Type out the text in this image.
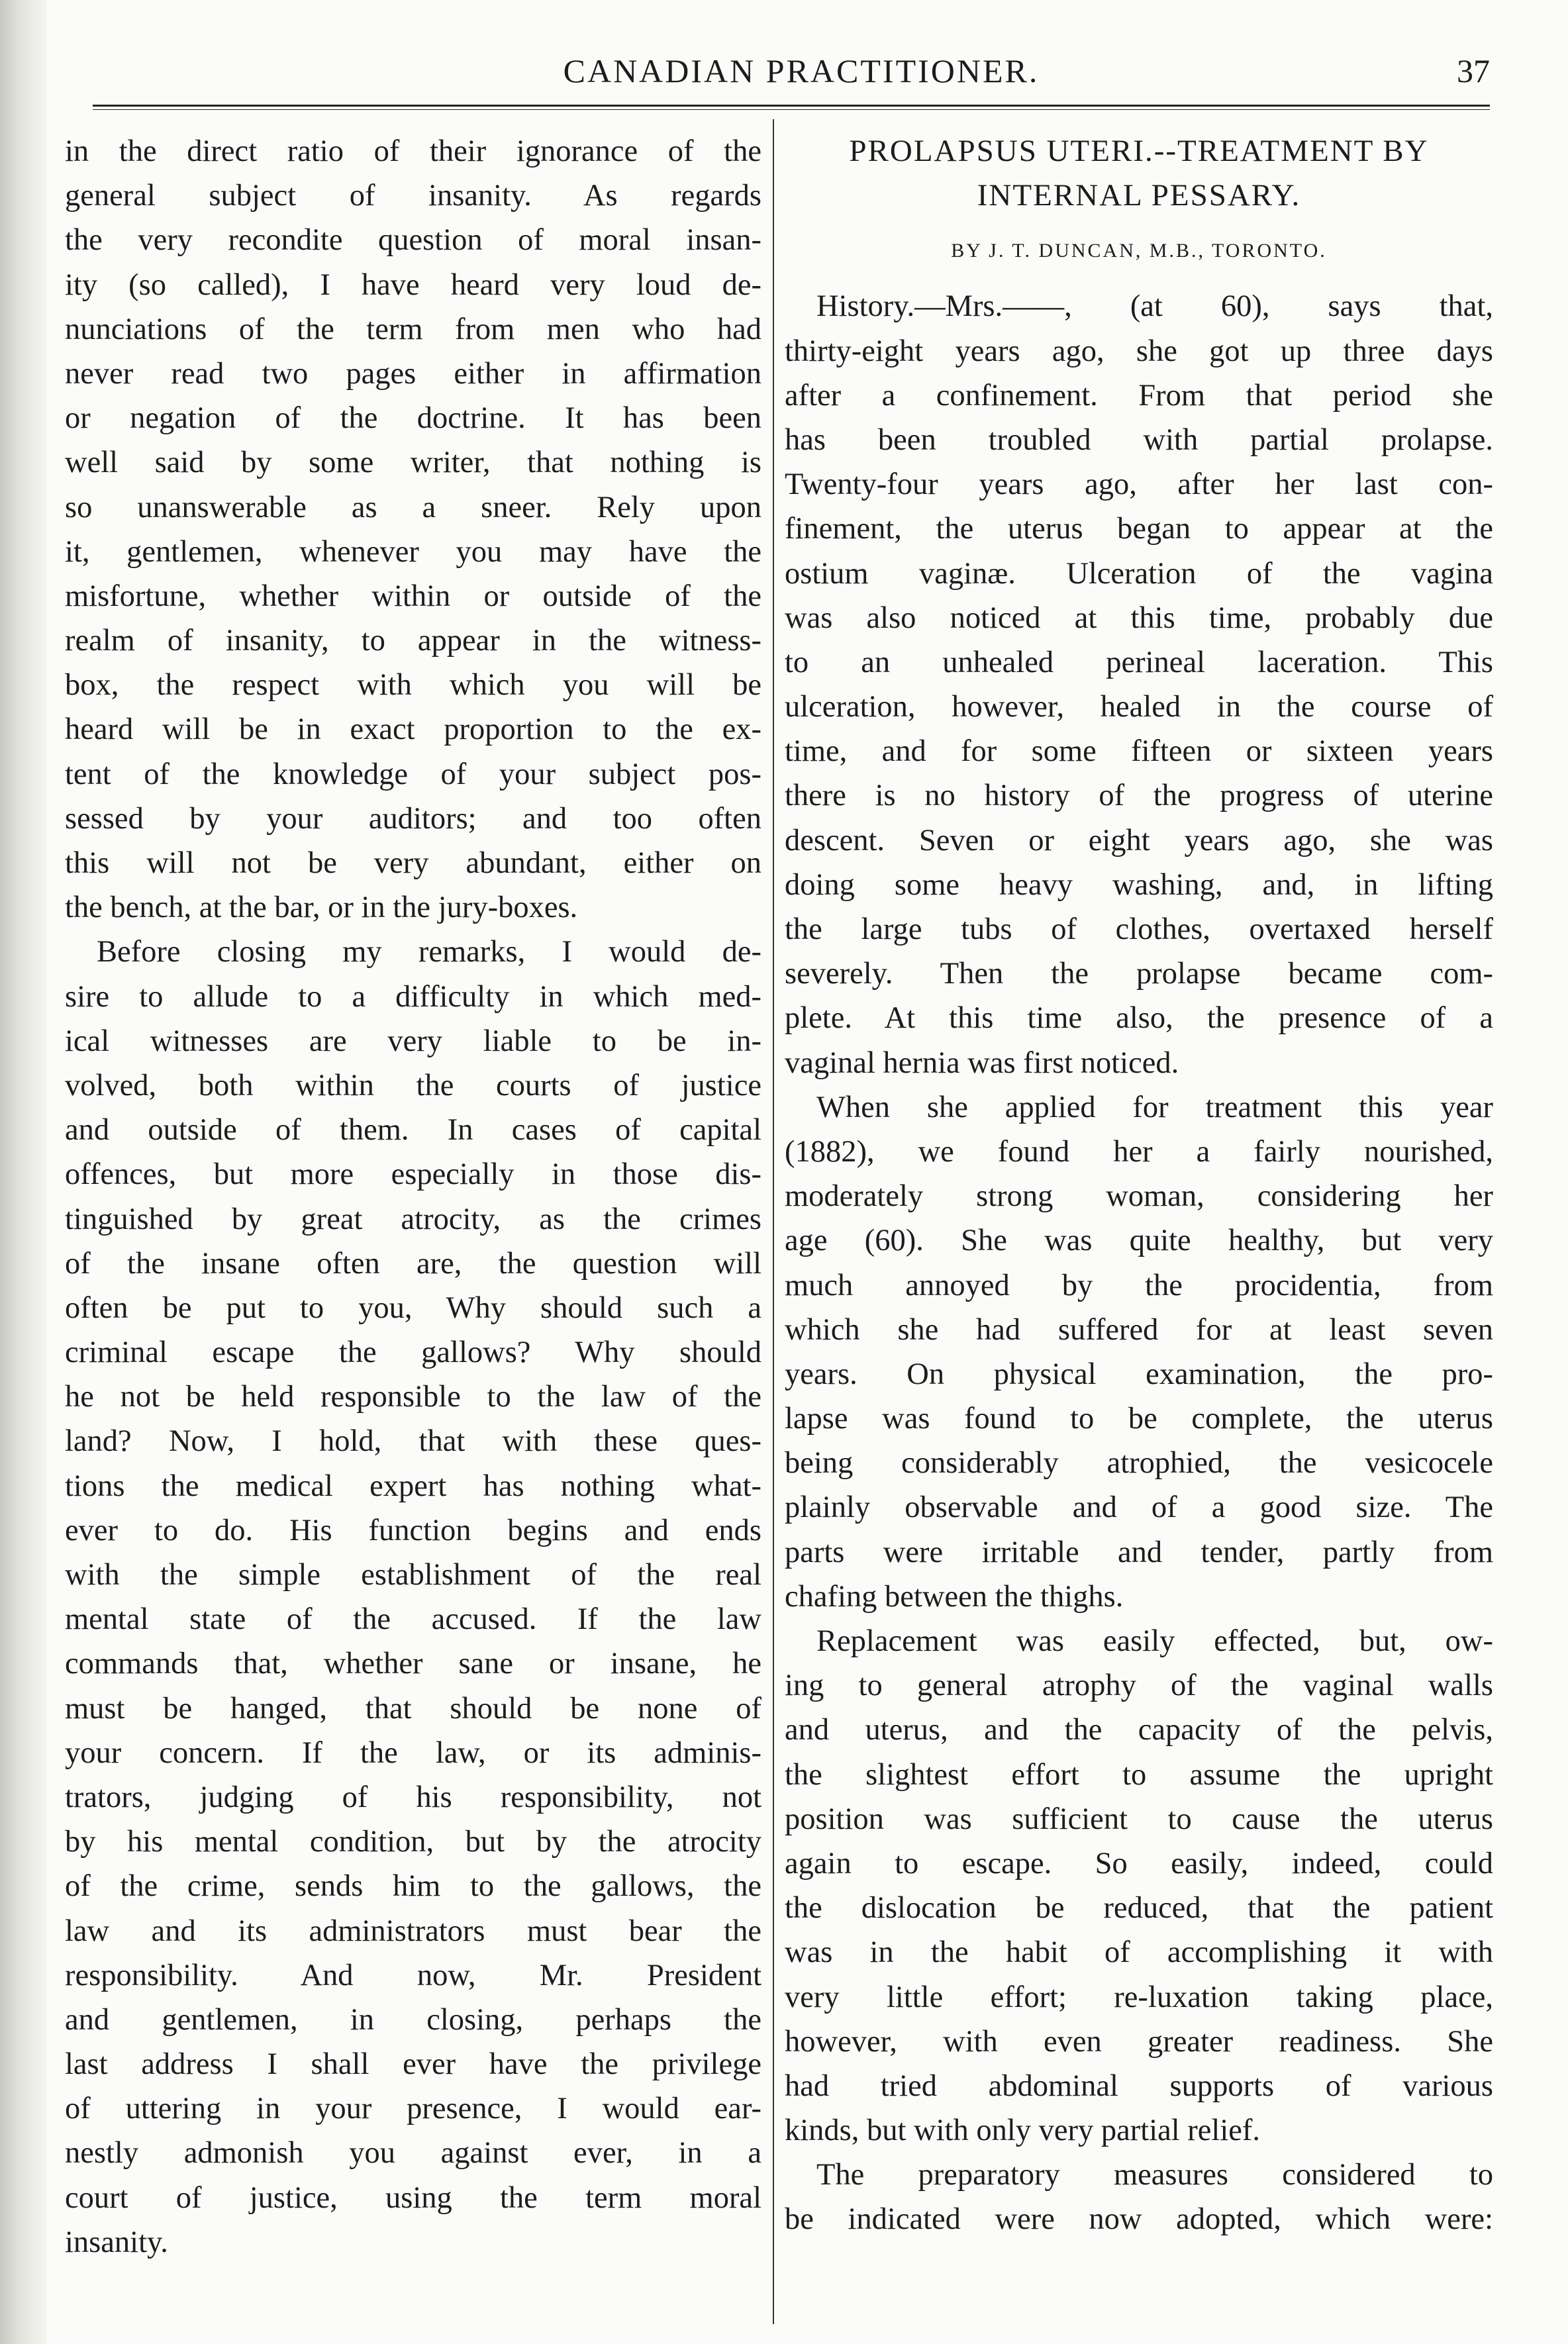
CANADIAN PRACTITIONER.	37
in the direct ratio of their ignorance of the
general subject of insanity. As regards
the very recondite question of moral insan-
ity (so called), I have heard very loud de-
nunciations of the term from men who had
never read two pages either in affirmation
or negation of the doctrine. It has been
well said by some writer, that nothing is
so unanswerable as a sneer. Rely upon
it, gentlemen, whenever you may have the
misfortune, whether within or outside of the
realm of insanity, to appear in the witness-
box, the respect with which you will be
heard will be in exact proportion to the ex-
tent of the knowledge of your subject pos-
sessed by your auditors; and too often
this will not be very abundant, either on
the bench, at the bar, or in the jury-boxes.
Before closing my remarks, I would de-
sire to allude to a difficulty in which med-
ical witnesses are very liable to be in-
volved, both within the courts of justice
and outside of them. In cases of capital
offences, but more especially in those dis-
tinguished by great atrocity, as the crimes
of the insane often are, the question will
often be put to you, Why should such a
criminal escape the gallows? Why should
he not be held responsible to the law of the
land? Now, I hold, that with these ques-
tions the medical expert has nothing what-
ever to do. His function begins and ends
with the simple establishment of the real
mental state of the accused. If the law
commands that, whether sane or insane, he
must be hanged, that should be none of
your concern. If the law, or its adminis-
trators, judging of his responsibility, not
by his mental condition, but by the atrocity
of the crime, sends him to the gallows, the
law and its administrators must bear the
responsibility. And now, Mr. President
and gentlemen, in closing, perhaps the
last address I shall ever have the privilege
of uttering in your presence, I would ear-
nestly admonish you against ever, in a
court of justice, using the term moral
insanity.
PROLAPSUS UTERI.--TREATMENT BY
INTERNAL PESSARY.
BY J. T. DUNCAN, M.B., TORONTO.
History.—Mrs.——, (at 60), says that,
thirty-eight years ago, she got up three days
after a confinement. From that period she
has been troubled with partial prolapse.
Twenty-four years ago, after her last con-
finement, the uterus began to appear at the
ostium vaginæ. Ulceration of the vagina
was also noticed at this time, probably due
to an unhealed perineal laceration. This
ulceration, however, healed in the course of
time, and for some fifteen or sixteen years
there is no history of the progress of uterine
descent. Seven or eight years ago, she was
doing some heavy washing, and, in lifting
the large tubs of clothes, overtaxed herself
severely. Then the prolapse became com-
plete. At this time also, the presence of a
vaginal hernia was first noticed.
When she applied for treatment this year
(1882), we found her a fairly nourished,
moderately strong woman, considering her
age (60). She was quite healthy, but very
much annoyed by the procidentia, from
which she had suffered for at least seven
years. On physical examination, the pro-
lapse was found to be complete, the uterus
being considerably atrophied, the vesicocele
plainly observable and of a good size. The
parts were irritable and tender, partly from
chafing between the thighs.
Replacement was easily effected, but, ow-
ing to general atrophy of the vaginal walls
and uterus, and the capacity of the pelvis,
the slightest effort to assume the upright
position was sufficient to cause the uterus
again to escape. So easily, indeed, could
the dislocation be reduced, that the patient
was in the habit of accomplishing it with
very little effort; re-luxation taking place,
however, with even greater readiness. She
had tried abdominal supports of various
kinds, but with only very partial relief.
The preparatory measures considered to
be indicated were now adopted, which were:
